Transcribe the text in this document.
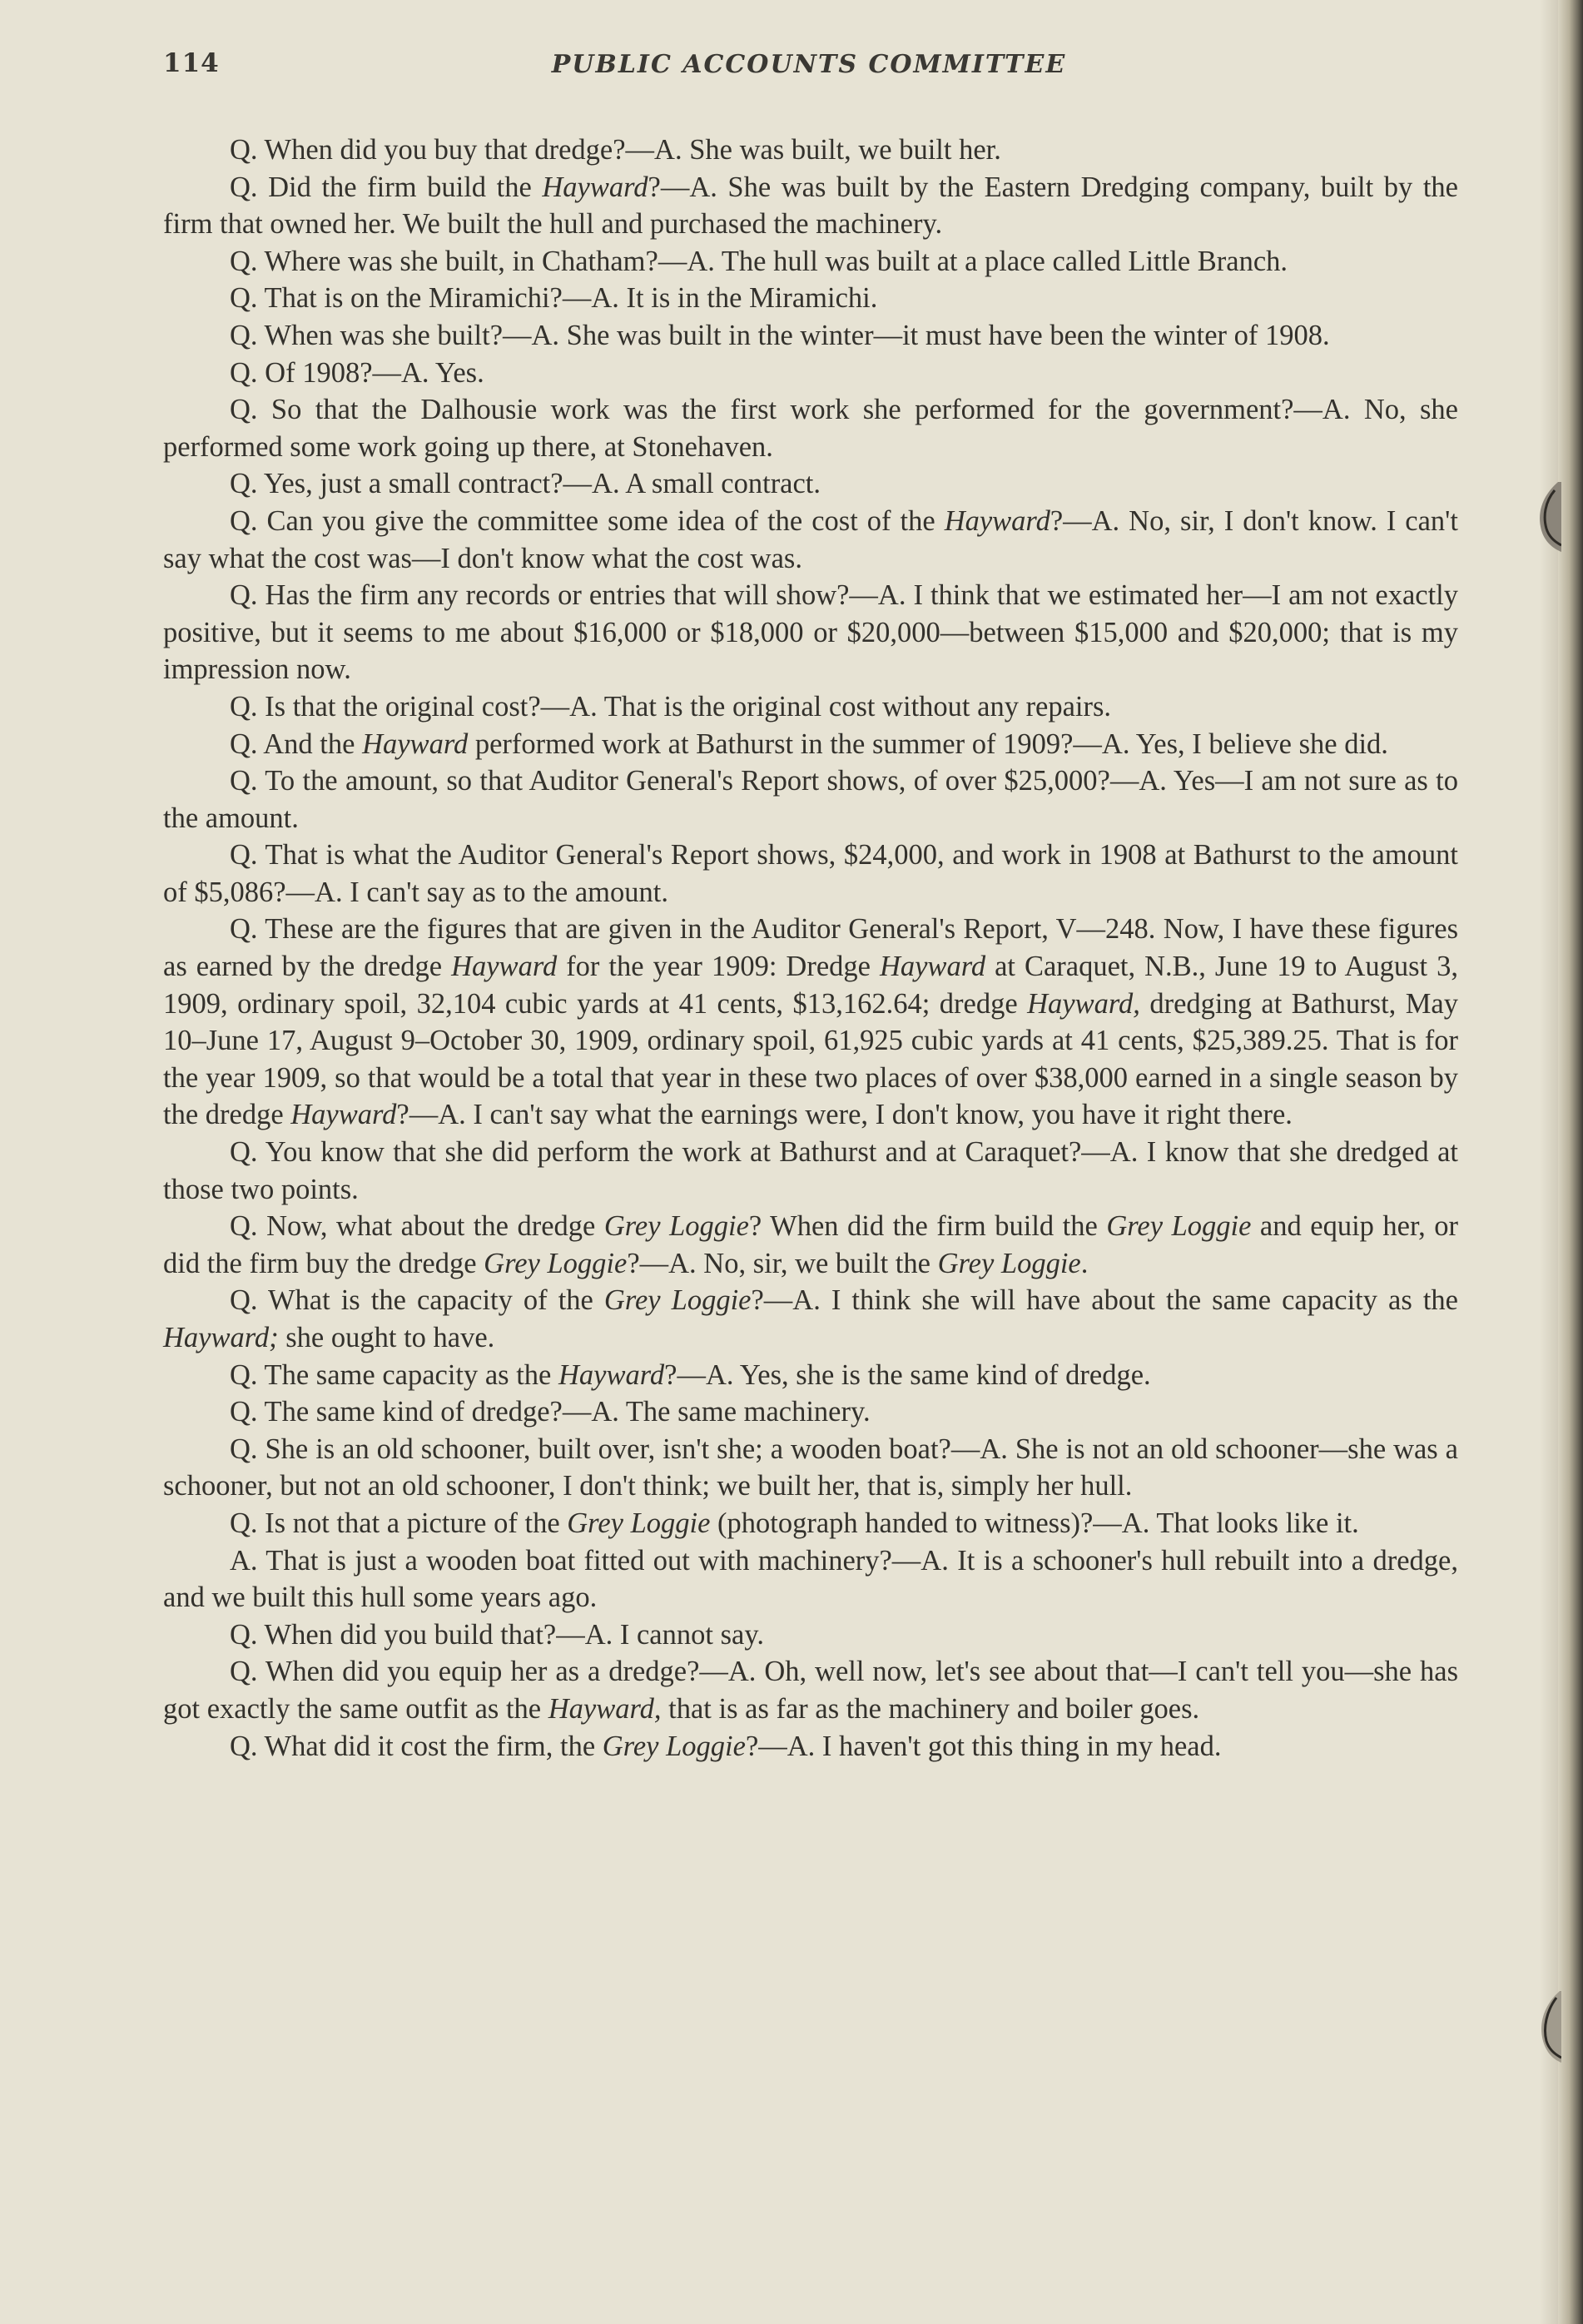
114	PUBLIC ACCOUNTS COMMITTEE

Q. When did you buy that dredge?—A. She was built, we built her.

Q. Did the firm build the Hayward?—A. She was built by the Eastern Dredging company, built by the firm that owned her. We built the hull and purchased the machinery.

Q. Where was she built, in Chatham?—A. The hull was built at a place called Little Branch.

Q. That is on the Miramichi?—A. It is in the Miramichi.

Q. When was she built?—A. She was built in the winter—it must have been the winter of 1908.

Q. Of 1908?—A. Yes.

Q. So that the Dalhousie work was the first work she performed for the government?—A. No, she performed some work going up there, at Stonehaven.

Q. Yes, just a small contract?—A. A small contract.

Q. Can you give the committee some idea of the cost of the Hayward?—A. No, sir, I don't know. I can't say what the cost was—I don't know what the cost was.

Q. Has the firm any records or entries that will show?—A. I think that we estimated her—I am not exactly positive, but it seems to me about $16,000 or $18,000 or $20,000—between $15,000 and $20,000; that is my impression now.

Q. Is that the original cost?—A. That is the original cost without any repairs.

Q. And the Hayward performed work at Bathurst in the summer of 1909?—A. Yes, I believe she did.

Q. To the amount, so that Auditor General's Report shows, of over $25,000?—A. Yes—I am not sure as to the amount.

Q. That is what the Auditor General's Report shows, $24,000, and work in 1908 at Bathurst to the amount of $5,086?—A. I can't say as to the amount.

Q. These are the figures that are given in the Auditor General's Report, V—248. Now, I have these figures as earned by the dredge Hayward for the year 1909: Dredge Hayward at Caraquet, N.B., June 19 to August 3, 1909, ordinary spoil, 32,104 cubic yards at 41 cents, $13,162.64; dredge Hayward, dredging at Bathurst, May 10–June 17, August 9–October 30, 1909, ordinary spoil, 61,925 cubic yards at 41 cents, $25,389.25. That is for the year 1909, so that would be a total that year in these two places of over $38,000 earned in a single season by the dredge Hayward?—A. I can't say what the earnings were, I don't know, you have it right there.

Q. You know that she did perform the work at Bathurst and at Caraquet?—A. I know that she dredged at those two points.

Q. Now, what about the dredge Grey Loggie? When did the firm build the Grey Loggie and equip her, or did the firm buy the dredge Grey Loggie?—A. No, sir, we built the Grey Loggie.

Q. What is the capacity of the Grey Loggie?—A. I think she will have about the same capacity as the Hayward; she ought to have.

Q. The same capacity as the Hayward?—A. Yes, she is the same kind of dredge.

Q. The same kind of dredge?—A. The same machinery.

Q. She is an old schooner, built over, isn't she; a wooden boat?—A. She is not an old schooner—she was a schooner, but not an old schooner, I don't think; we built her, that is, simply her hull.

Q. Is not that a picture of the Grey Loggie (photograph handed to witness)?—A. That looks like it.

A. That is just a wooden boat fitted out with machinery?—A. It is a schooner's hull rebuilt into a dredge, and we built this hull some years ago.

Q. When did you build that?—A. I cannot say.

Q. When did you equip her as a dredge?—A. Oh, well now, let's see about that—I can't tell you—she has got exactly the same outfit as the Hayward, that is as far as the machinery and boiler goes.

Q. What did it cost the firm, the Grey Loggie?—A. I haven't got this thing in my head.
